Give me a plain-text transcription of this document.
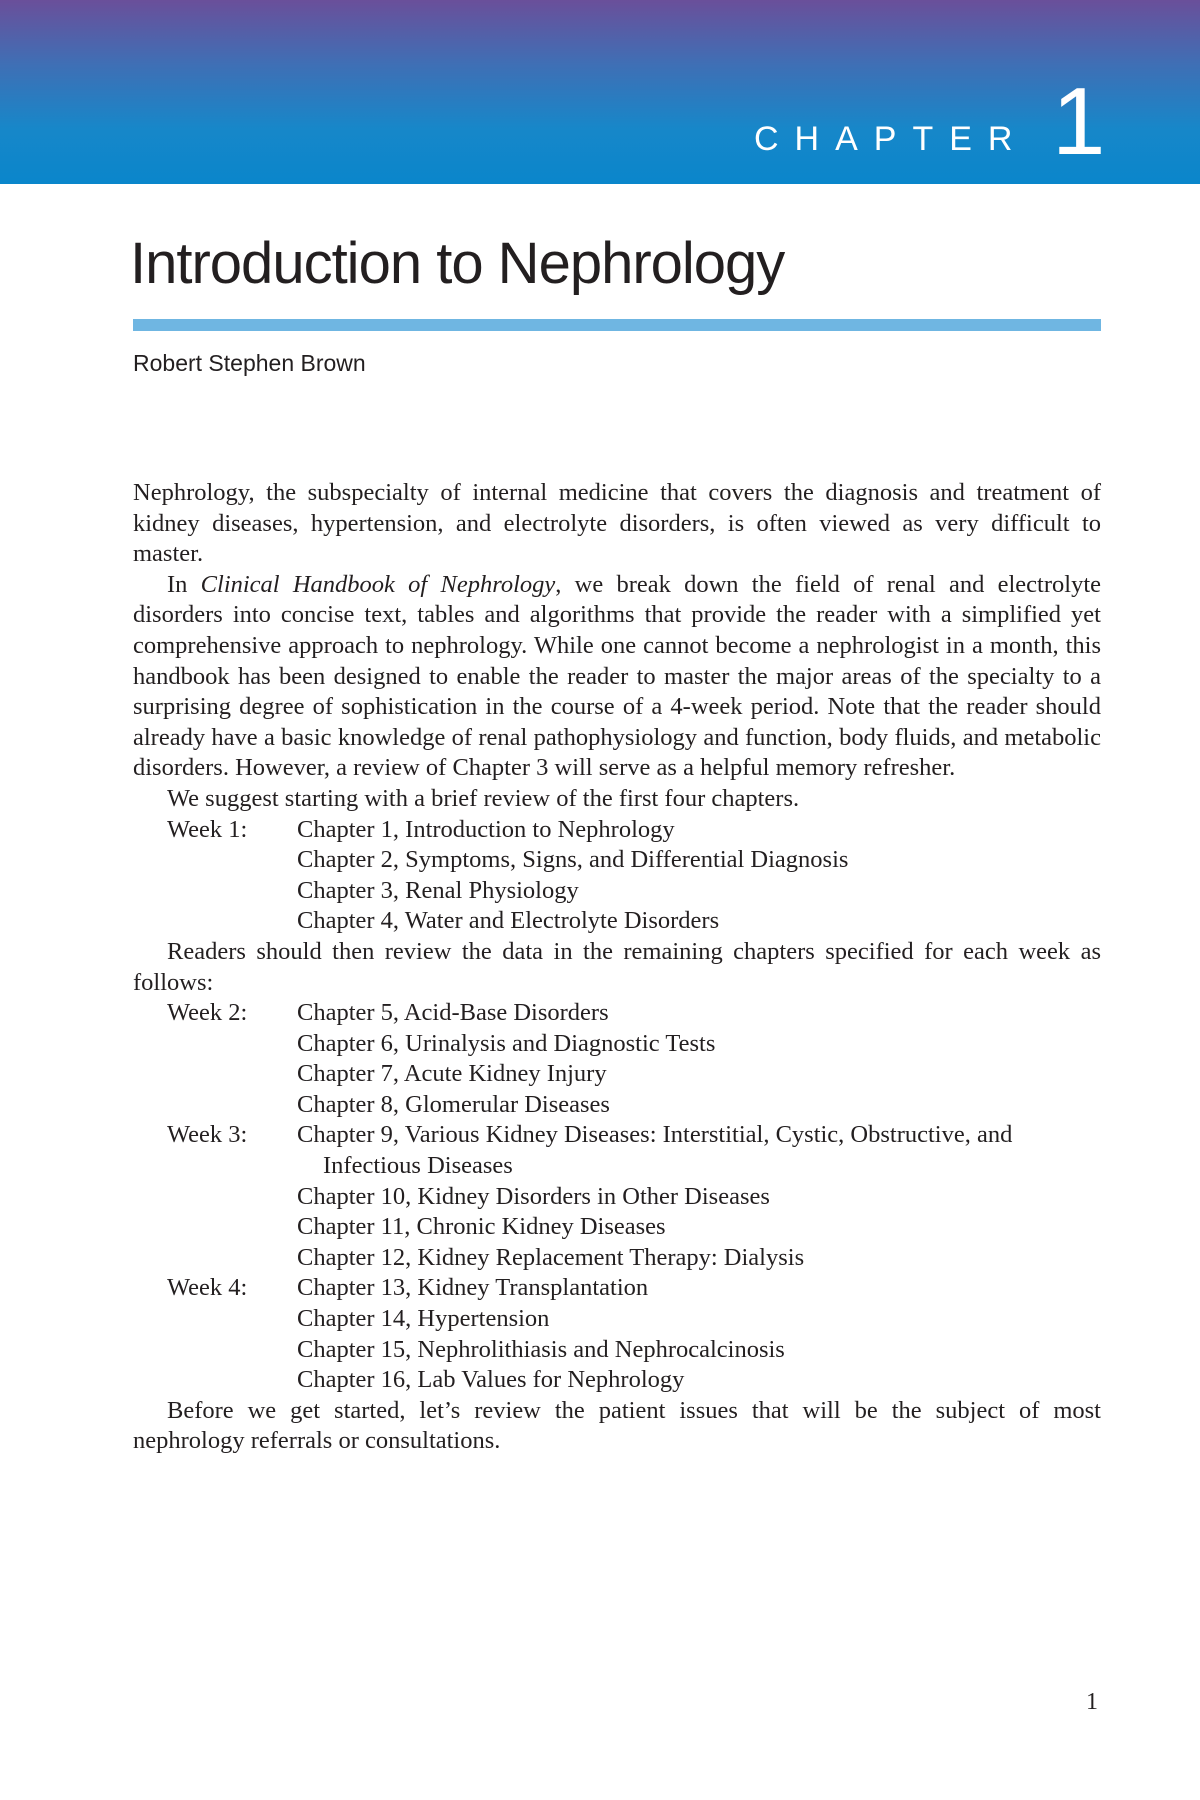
CHAPTER 1
Introduction to Nephrology
Robert Stephen Brown

Nephrology, the subspecialty of internal medicine that covers the diagnosis and treatment of kidney diseases, hypertension, and electrolyte disorders, is often viewed as very difficult to master.

In Clinical Handbook of Nephrology, we break down the field of renal and electrolyte disorders into concise text, tables and algorithms that provide the reader with a simplified yet comprehensive approach to nephrology. While one cannot become a nephrologist in a month, this handbook has been designed to enable the reader to master the major areas of the specialty to a surprising degree of sophistication in the course of a 4-week period. Note that the reader should already have a basic knowledge of renal pathophysiology and function, body fluids, and metabolic disorders. However, a review of Chapter 3 will serve as a helpful memory refresher.

We suggest starting with a brief review of the first four chapters.

Week 1:	Chapter 1, Introduction to Nephrology
Chapter 2, Symptoms, Signs, and Differential Diagnosis
Chapter 3, Renal Physiology
Chapter 4, Water and Electrolyte Disorders

Readers should then review the data in the remaining chapters specified for each week as follows:

Week 2:	Chapter 5, Acid-Base Disorders
Chapter 6, Urinalysis and Diagnostic Tests
Chapter 7, Acute Kidney Injury
Chapter 8, Glomerular Diseases
Week 3:	Chapter 9, Various Kidney Diseases: Interstitial, Cystic, Obstructive, and Infectious Diseases
Chapter 10, Kidney Disorders in Other Diseases
Chapter 11, Chronic Kidney Diseases
Chapter 12, Kidney Replacement Therapy: Dialysis
Week 4:	Chapter 13, Kidney Transplantation
Chapter 14, Hypertension
Chapter 15, Nephrolithiasis and Nephrocalcinosis
Chapter 16, Lab Values for Nephrology

Before we get started, let’s review the patient issues that will be the subject of most nephrology referrals or consultations.

1
